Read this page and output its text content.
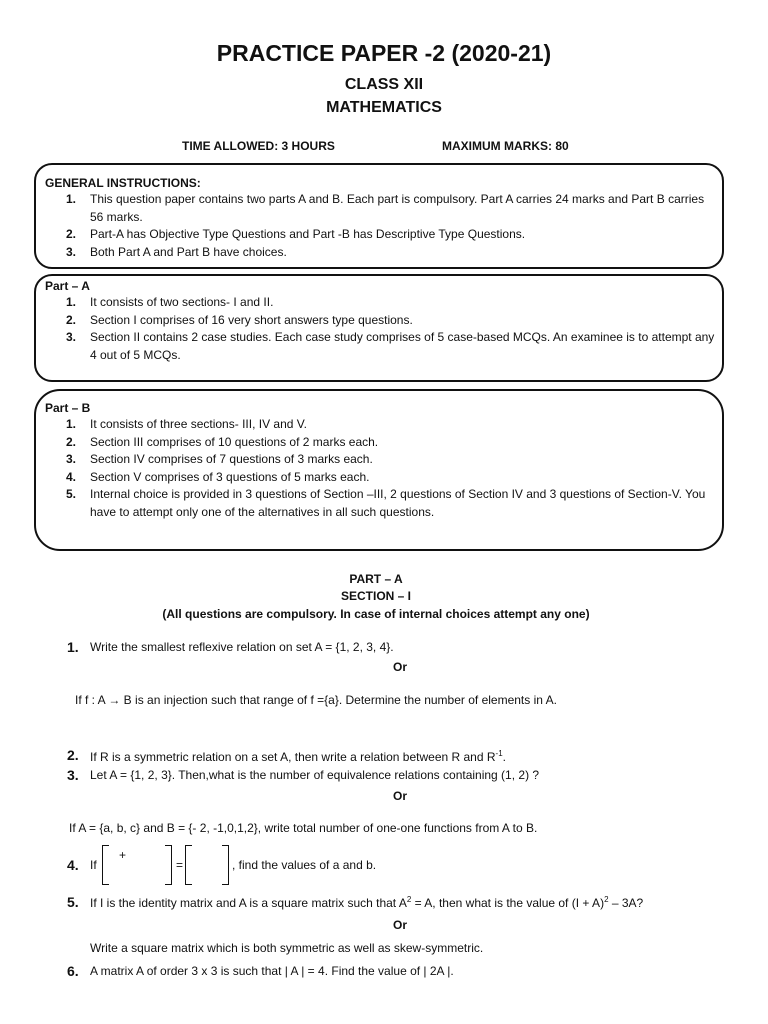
PRACTICE PAPER -2 (2020-21)
CLASS XII
MATHEMATICS
TIME ALLOWED: 3 HOURS	MAXIMUM MARKS: 80
GENERAL INSTRUCTIONS:
1. This question paper contains two parts A and B. Each part is compulsory. Part A carries 24 marks and Part B carries 56 marks.
2. Part-A has Objective Type Questions and Part -B has Descriptive Type Questions.
3. Both Part A and Part B have choices.
Part – A
1. It consists of two sections- I and II.
2. Section I comprises of 16 very short answers type questions.
3. Section II contains 2 case studies. Each case study comprises of 5 case-based MCQs. An examinee is to attempt any 4 out of 5 MCQs.
Part – B
1. It consists of three sections- III, IV and V.
2. Section III comprises of 10 questions of 2 marks each.
3. Section IV comprises of 7 questions of 3 marks each.
4. Section V comprises of 3 questions of 5 marks each.
5. Internal choice is provided in 3 questions of Section –III, 2 questions of Section IV and 3 questions of Section-V. You have to attempt only one of the alternatives in all such questions.
PART – A
SECTION – I
(All questions are compulsory. In case of internal choices attempt any one)
1. Write the smallest reflexive relation on set A = {1, 2, 3, 4}.
Or
If f : A → B is an injection such that range of f ={a}. Determine the number of elements in A.
2. If R is a symmetric relation on a set A, then write a relation between R and $R^{-1}$.
3. Let A = {1, 2, 3}. Then,what is the number of equivalence relations containing (1, 2) ?
Or
If A = {a, b, c} and B = {- 2, -1,0,1,2}, write total number of one-one functions from A to B.
4. If
+
=	, find the values of a and b.
5. If I is the identity matrix and A is a square matrix such that $A^2 = A$, then what is the value of $(I + A)^2 - 3A$?
Or
Write a square matrix which is both symmetric as well as skew-symmetric.
6. A matrix A of order 3 x 3 is such that | A | = 4. Find the value of | 2A |.
